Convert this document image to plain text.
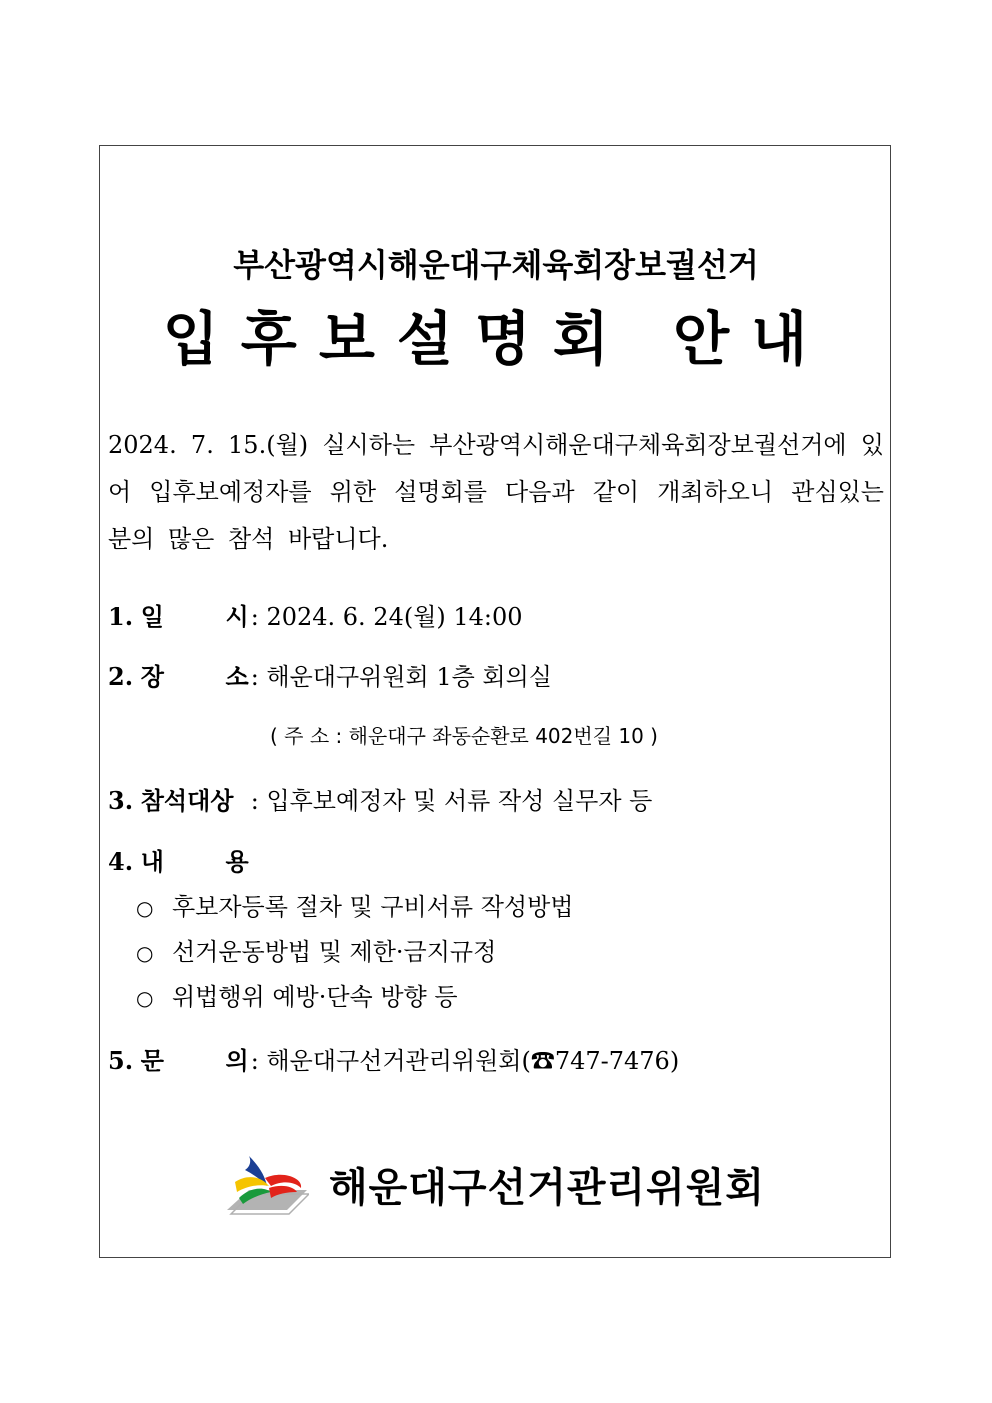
부산광역시해운대구체육회장보궐선거
입후보설명회 안내
2024. 7. 15.(월) 실시하는 부산광역시해운대구체육회장보궐선거에 있어 입후보예정자를 위한 설명회를 다음과 같이 개최하오니 관심있는 분의 많은 참석 바랍니다.
1. 일 시: 2024. 6. 24(월) 14:00
2. 장 소: 해운대구위원회 1층 회의실
( 주 소 : 해운대구 좌동순환로 402번길 10 )
3. 참석대상 : 입후보예정자 및 서류 작성 실무자 등
4. 내 용
○ 후보자등록 절차 및 구비서류 작성방법
○ 선거운동방법 및 제한·금지규정
○ 위법행위 예방·단속 방향 등
5. 문 의: 해운대구선거관리위원회(☎747-7476)
해운대구선거관리위원회
